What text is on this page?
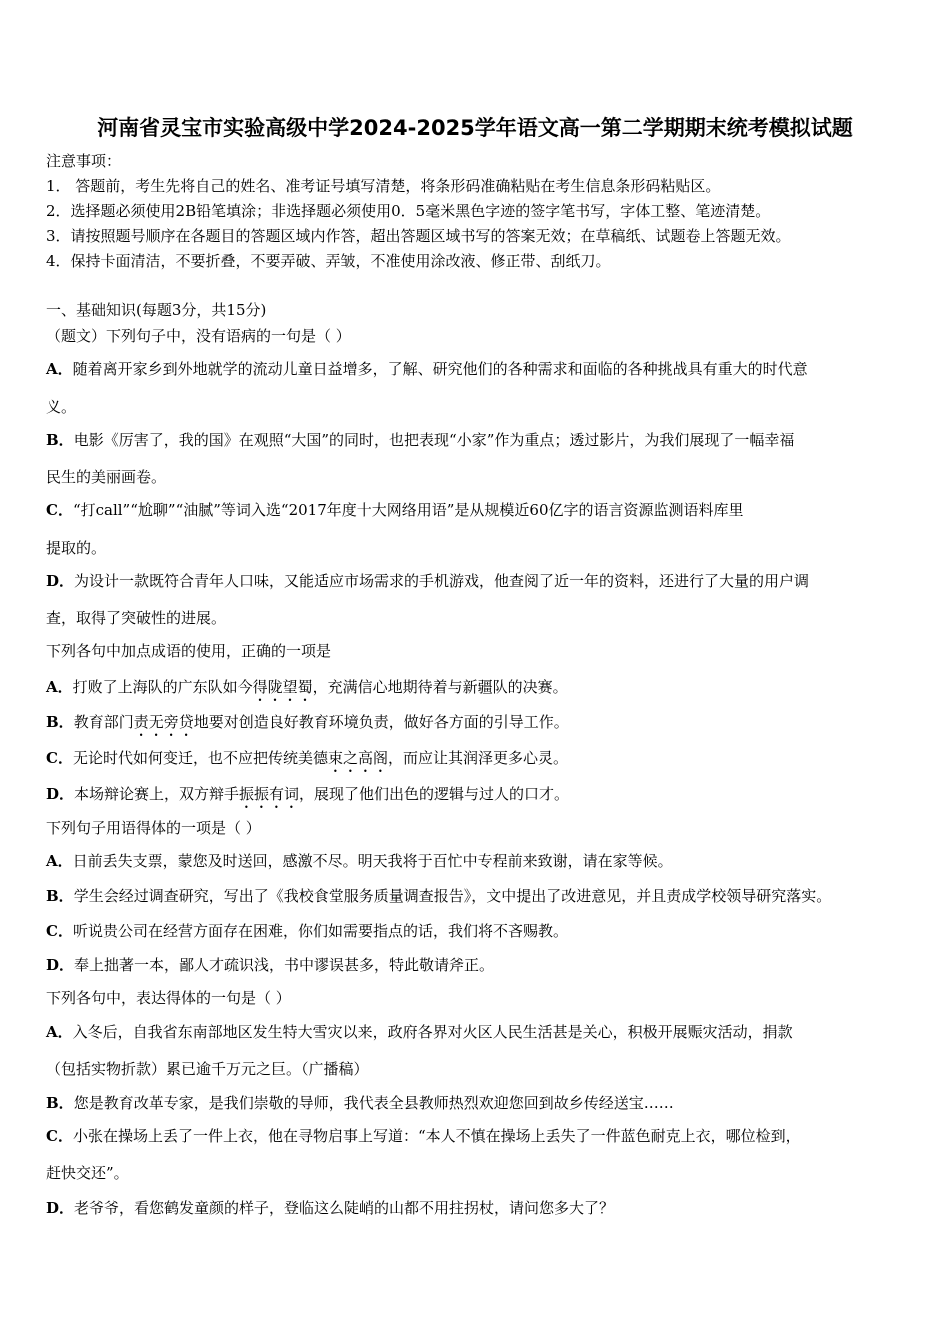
河南省灵宝市实验高级中学2024-2025学年语文高一第二学期期末统考模拟试题
注意事项：
1． 答题前，考生先将自己的姓名、准考证号填写清楚，将条形码准确粘贴在考生信息条形码粘贴区。
2．选择题必须使用2B铅笔填涂；非选择题必须使用0．5毫米黑色字迹的签字笔书写，字体工整、笔迹清楚。
3．请按照题号顺序在各题目的答题区域内作答，超出答题区域书写的答案无效；在草稿纸、试题卷上答题无效。
4．保持卡面清洁，不要折叠，不要弄破、弄皱，不准使用涂改液、修正带、刮纸刀。
一、基础知识(每题3分，共15分)
（题文）下列句子中，没有语病的一句是（ ）
A．随着离开家乡到外地就学的流动儿童日益增多，了解、研究他们的各种需求和面临的各种挑战具有重大的时代意
义。
B．电影《厉害了，我的国》在观照“大国”的同时，也把表现“小家”作为重点；透过影片，为我们展现了一幅幸福
民生的美丽画卷。
C．“打call”“尬聊”“油腻”等词入选“2017年度十大网络用语”是从规模近60亿字的语言资源监测语料库里
提取的。
D．为设计一款既符合青年人口味，又能适应市场需求的手机游戏，他查阅了近一年的资料，还进行了大量的用户调
查，取得了突破性的进展。
下列各句中加点成语的使用，正确的一项是
A．打败了上海队的广东队如今得陇望蜀，充满信心地期待着与新疆队的决赛。
B．教育部门责无旁贷地要对创造良好教育环境负责，做好各方面的引导工作。
C．无论时代如何变迁，也不应把传统美德束之高阁，而应让其润泽更多心灵。
D．本场辩论赛上，双方辩手振振有词，展现了他们出色的逻辑与过人的口才。
下列句子用语得体的一项是（ ）
A．日前丢失支票，蒙您及时送回，感激不尽。明天我将于百忙中专程前来致谢，请在家等候。
B．学生会经过调查研究，写出了《我校食堂服务质量调查报告》，文中提出了改进意见，并且责成学校领导研究落实。
C．听说贵公司在经营方面存在困难，你们如需要指点的话，我们将不吝赐教。
D．奉上拙著一本，鄙人才疏识浅，书中谬误甚多，特此敬请斧正。
下列各句中，表达得体的一句是（ ）
A．入冬后，自我省东南部地区发生特大雪灾以来，政府各界对火区人民生活甚是关心，积极开展赈灾活动，捐款
（包括实物折款）累已逾千万元之巨。（广播稿）
B．您是教育改革专家，是我们崇敬的导师，我代表全县教师热烈欢迎您回到故乡传经送宝……
C．小张在操场上丢了一件上衣，他在寻物启事上写道：“本人不慎在操场上丢失了一件蓝色耐克上衣，哪位检到，
赶快交还”。
D．老爷爷，看您鹤发童颜的样子，登临这么陡峭的山都不用拄拐杖，请问您多大了？
